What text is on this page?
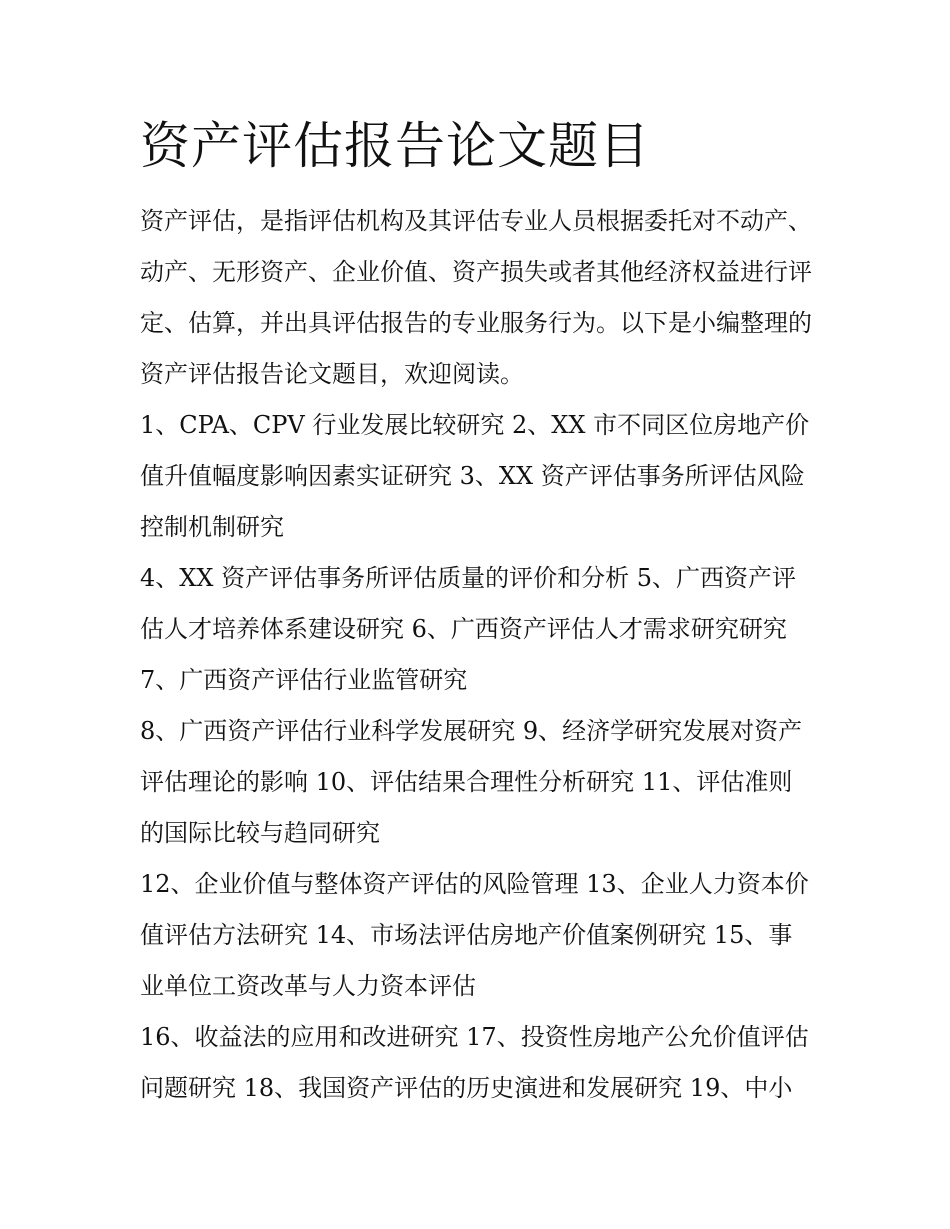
资产评估报告论文题目

资产评估，是指评估机构及其评估专业人员根据委托对不动产、动产、无形资产、企业价值、资产损失或者其他经济权益进行评定、估算，并出具评估报告的专业服务行为。以下是小编整理的资产评估报告论文题目，欢迎阅读。

1、CPA、CPV 行业发展比较研究 2、XX 市不同区位房地产价值升值幅度影响因素实证研究 3、XX 资产评估事务所评估风险控制机制研究

4、XX 资产评估事务所评估质量的评价和分析 5、广西资产评估人才培养体系建设研究 6、广西资产评估人才需求研究研究 7、广西资产评估行业监管研究

8、广西资产评估行业科学发展研究 9、经济学研究发展对资产评估理论的影响 10、评估结果合理性分析研究 11、评估准则的国际比较与趋同研究

12、企业价值与整体资产评估的风险管理 13、企业人力资本价值评估方法研究 14、市场法评估房地产价值案例研究 15、事业单位工资改革与人力资本评估

16、收益法的应用和改进研究 17、投资性房地产公允价值评估问题研究 18、我国资产评估的历史演进和发展研究 19、中小
